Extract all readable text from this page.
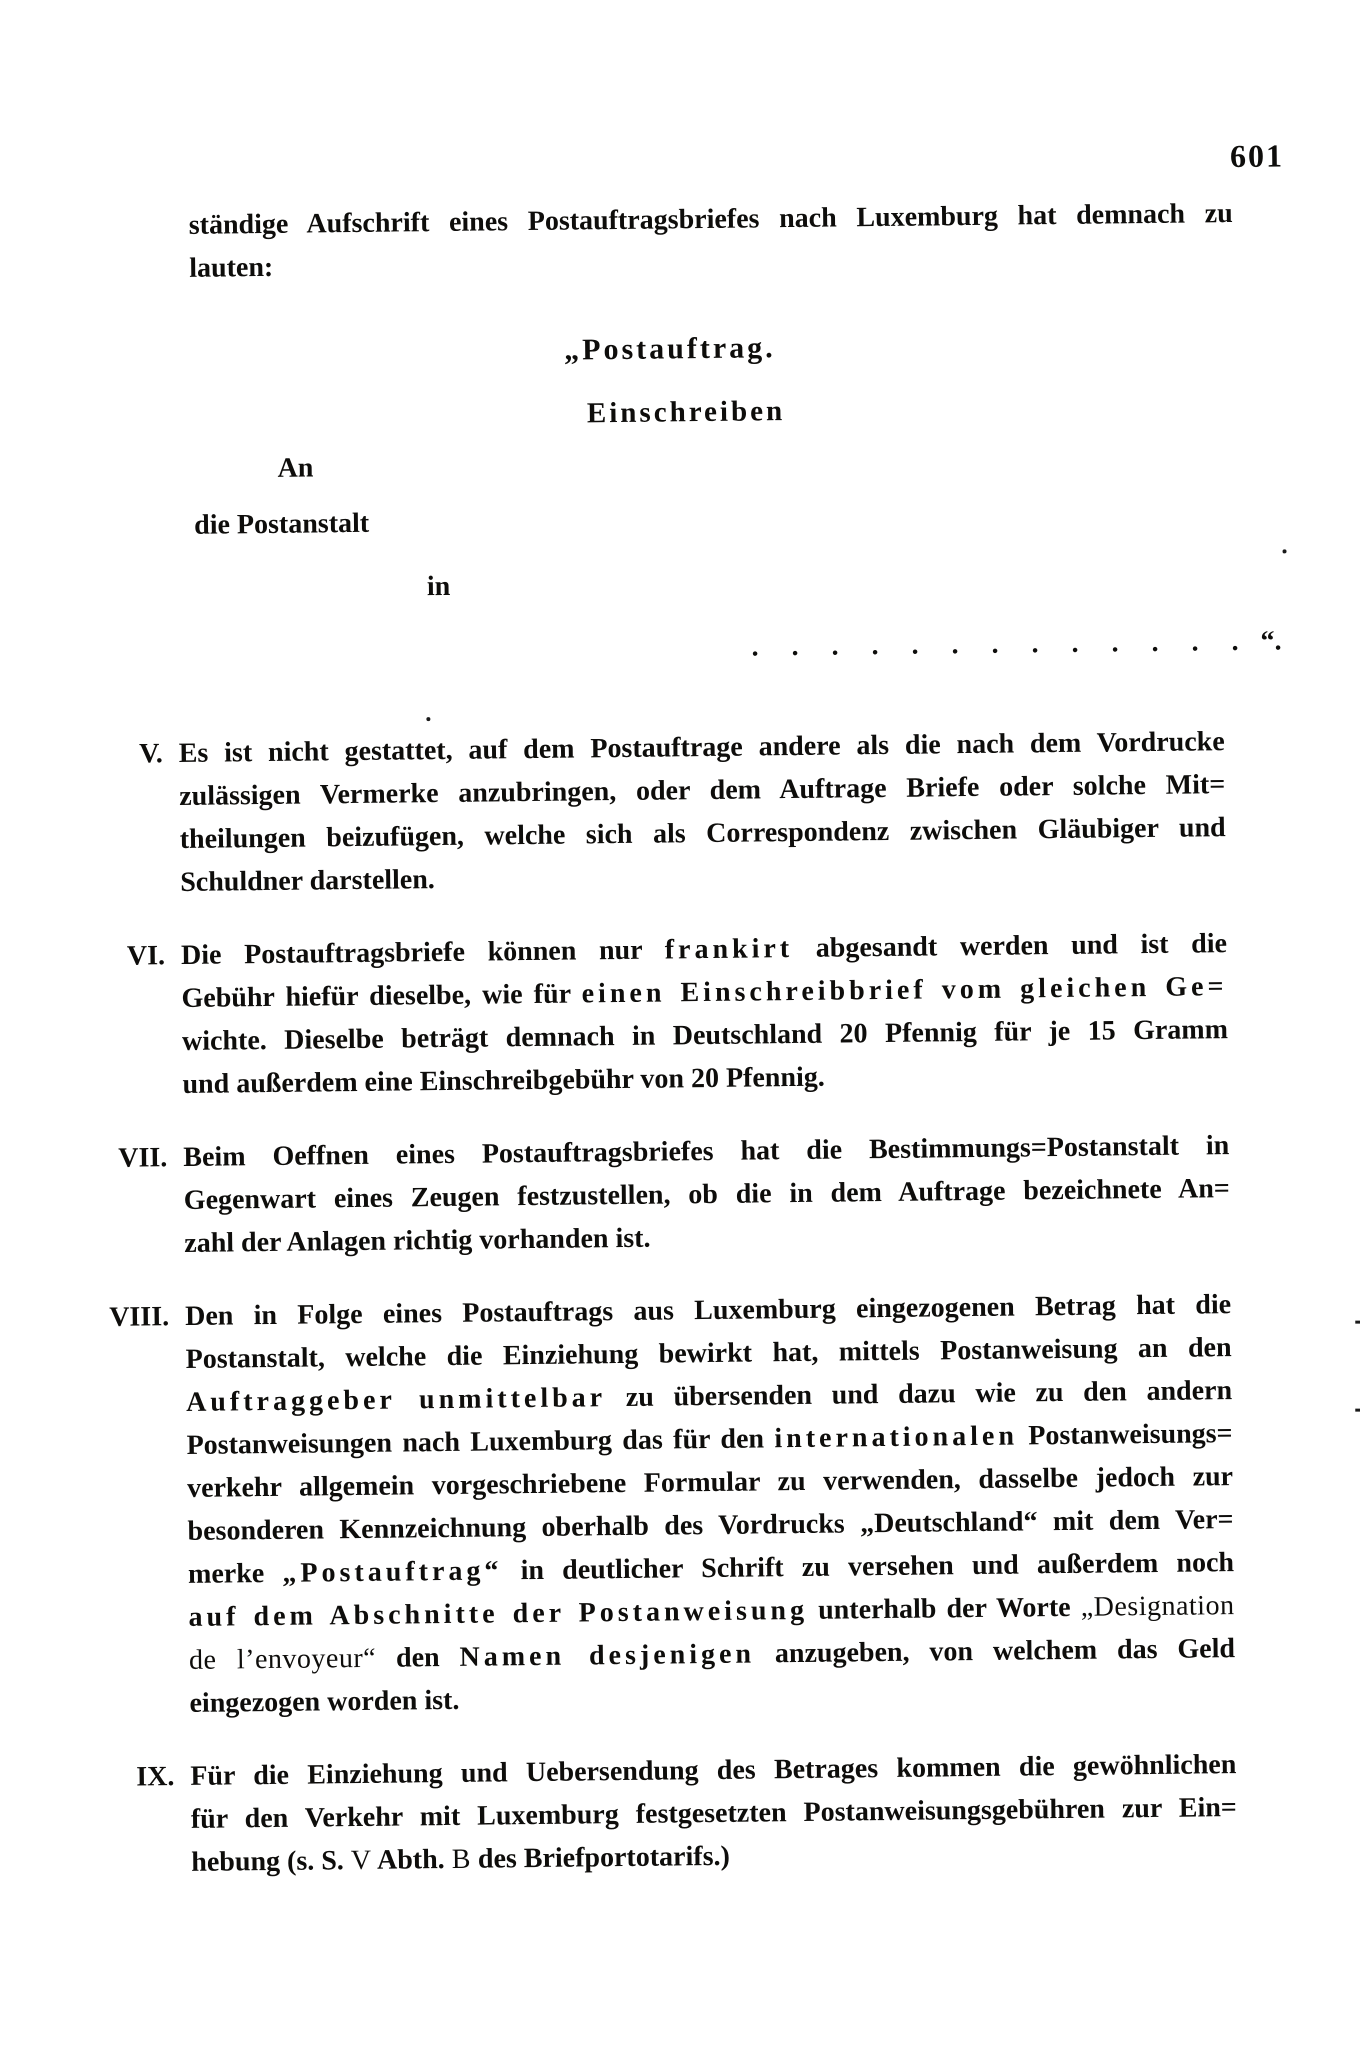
601
ständige Aufschrift eines Postauftragsbriefes nach Luxemburg hat demnach zu
lauten:
„Postauftrag.
Einschreiben
An
die Postanstalt
in
. . . . . . . . . . . . . “.
V. Es ist nicht gestattet, auf dem Postauftrage andere als die nach dem Vordrucke
zulässigen Vermerke anzubringen, oder dem Auftrage Briefe oder solche Mit=
theilungen beizufügen, welche sich als Correspondenz zwischen Gläubiger und
Schuldner darstellen.
VI. Die Postauftragsbriefe können nur frankirt abgesandt werden und ist die
Gebühr hiefür dieselbe, wie für einen Einschreibbrief vom gleichen Ge=
wichte. Dieselbe beträgt demnach in Deutschland 20 Pfennig für je 15 Gramm
und außerdem eine Einschreibgebühr von 20 Pfennig.
VII. Beim Oeffnen eines Postauftragsbriefes hat die Bestimmungs=Postanstalt in
Gegenwart eines Zeugen festzustellen, ob die in dem Auftrage bezeichnete An=
zahl der Anlagen richtig vorhanden ist.
VIII. Den in Folge eines Postauftrags aus Luxemburg eingezogenen Betrag hat die
Postanstalt, welche die Einziehung bewirkt hat, mittels Postanweisung an den
Auftraggeber unmittelbar zu übersenden und dazu wie zu den andern
Postanweisungen nach Luxemburg das für den internationalen Postanweisungs=
verkehr allgemein vorgeschriebene Formular zu verwenden, dasselbe jedoch zur
besonderen Kennzeichnung oberhalb des Vordrucks „Deutschland“ mit dem Ver=
merke „Postauftrag“ in deutlicher Schrift zu versehen und außerdem noch
auf dem Abschnitte der Postanweisung unterhalb der Worte „Designation
de l’envoyeur“ den Namen desjenigen anzugeben, von welchem das Geld
eingezogen worden ist.
IX. Für die Einziehung und Uebersendung des Betrages kommen die gewöhnlichen
für den Verkehr mit Luxemburg festgesetzten Postanweisungsgebühren zur Ein=
hebung (s. S. V Abth. B des Briefportotarifs.)
